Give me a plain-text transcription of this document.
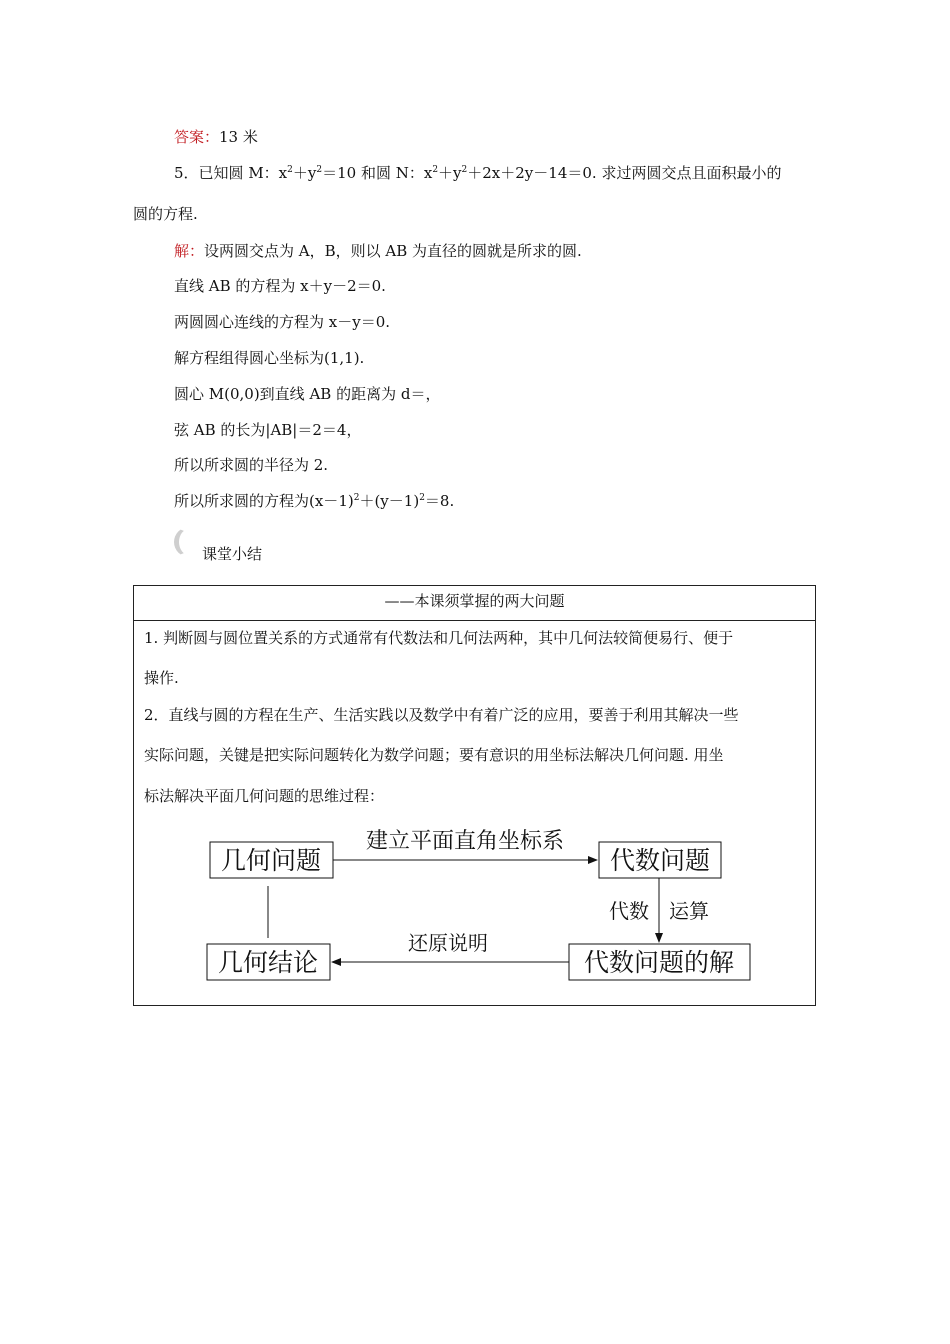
答案：13 米
5．已知圆 M：$x^2+y^2=10$ 和圆 N：$x^2+y^2+2x+2y-14=0$. 求过两圆交点且面积最小的
圆的方程.
解：设两圆交点为 A，B，则以 AB 为直径的圆就是所求的圆.
直线 AB 的方程为 x＋y－2＝0.
两圆圆心连线的方程为 x－y＝0.
解方程组得圆心坐标为(1,1).
圆心 M(0,0)到直线 AB 的距离为 d＝，
弦 AB 的长为|AB|＝2＝4，
所以所求圆的半径为 2.
所以所求圆的方程为$(x-1)^2+(y-1)^2=8$.
课堂小结
——本课须掌握的两大问题
1. 判断圆与圆位置关系的方式通常有代数法和几何法两种，其中几何法较简便易行、便于
操作.
2．直线与圆的方程在生产、生活实践以及数学中有着广泛的应用，要善于利用其解决一些
实际问题，关键是把实际问题转化为数学问题；要有意识的用坐标法解决几何问题. 用坐
标法解决平面几何问题的思维过程：
几何问题	代数问题
代数问题的解
几何结论
建立平面直角坐标系
代数 运算
还原说明
